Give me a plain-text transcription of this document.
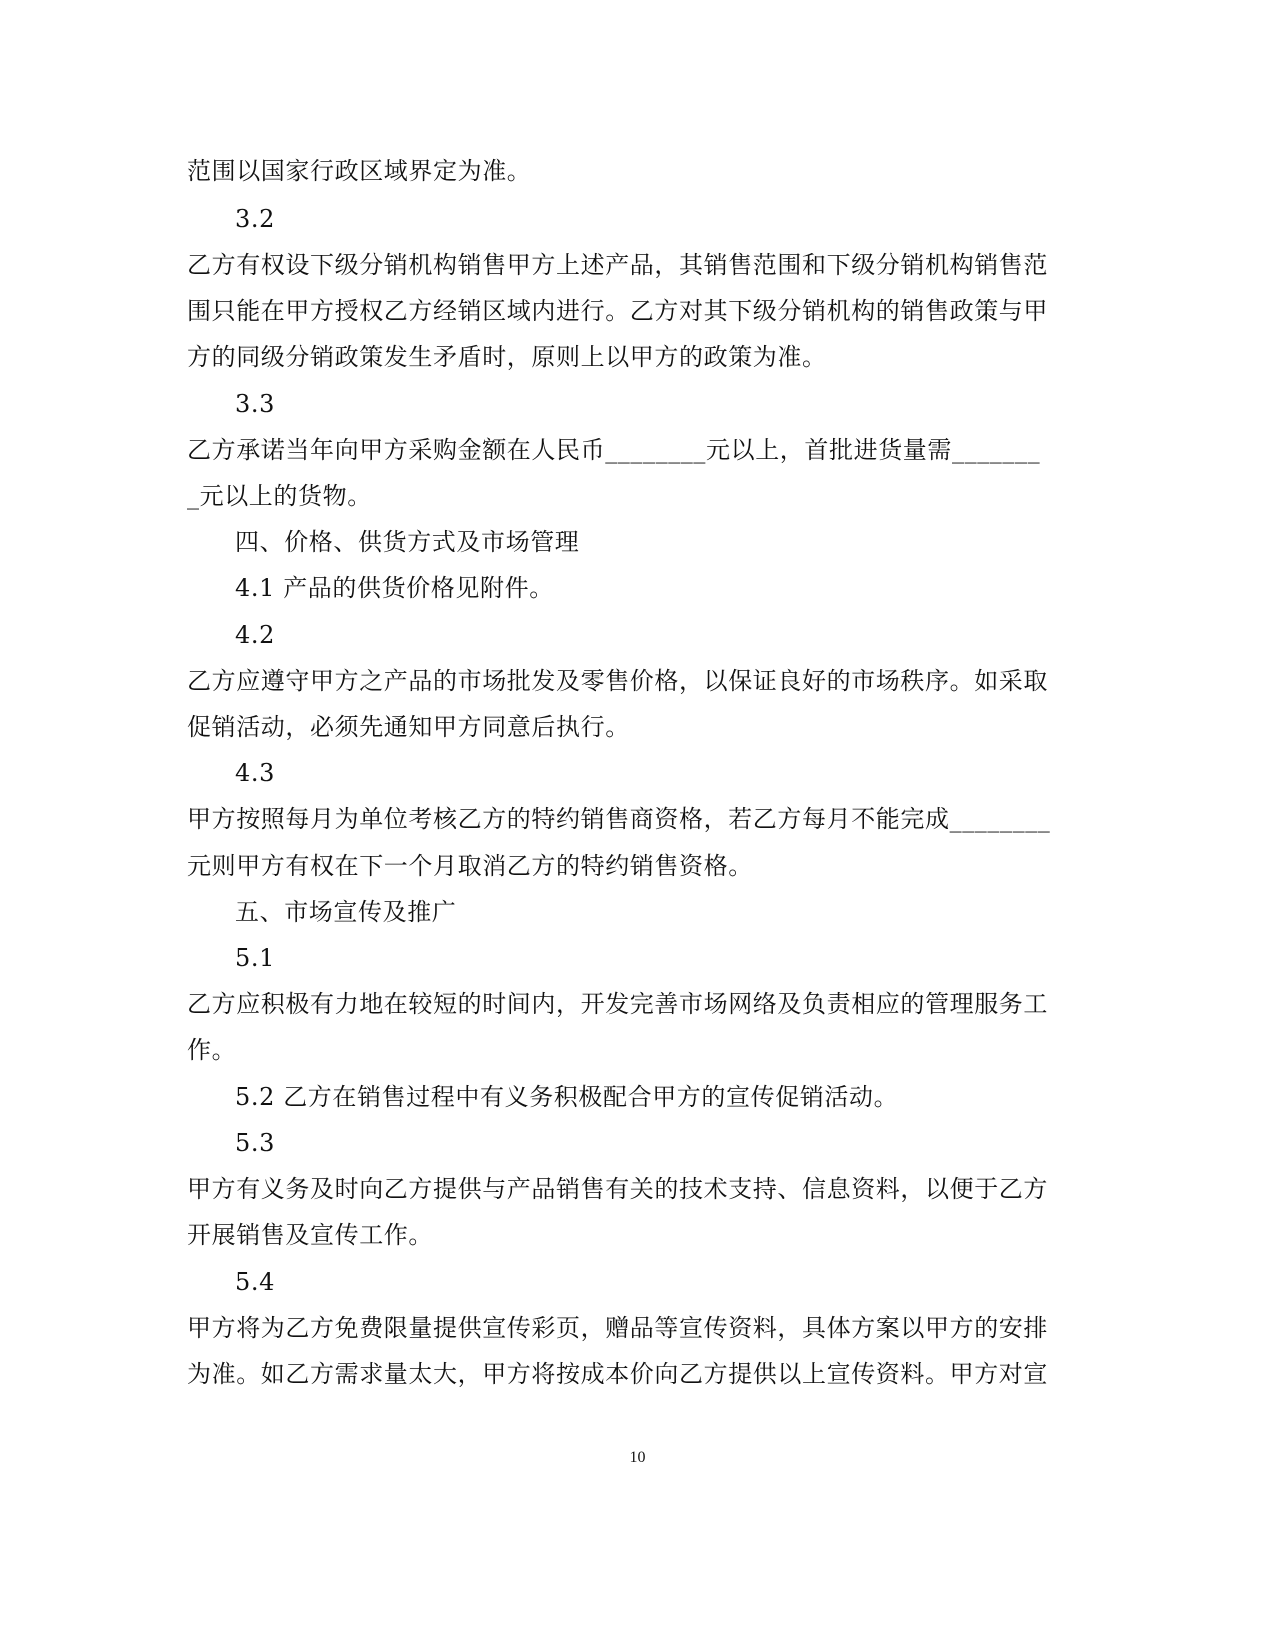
范围以国家行政区域界定为准。
3.2
乙方有权设下级分销机构销售甲方上述产品，其销售范围和下级分销机构销售范
围只能在甲方授权乙方经销区域内进行。乙方对其下级分销机构的销售政策与甲
方的同级分销政策发生矛盾时，原则上以甲方的政策为准。
3.3
乙方承诺当年向甲方采购金额在人民币________元以上，首批进货量需_______
_元以上的货物。
四、价格、供货方式及市场管理
4.1 产品的供货价格见附件。
4.2
乙方应遵守甲方之产品的市场批发及零售价格，以保证良好的市场秩序。如采取
促销活动，必须先通知甲方同意后执行。
4.3
甲方按照每月为单位考核乙方的特约销售商资格，若乙方每月不能完成________
元则甲方有权在下一个月取消乙方的特约销售资格。
五、市场宣传及推广
5.1
乙方应积极有力地在较短的时间内，开发完善市场网络及负责相应的管理服务工
作。
5.2 乙方在销售过程中有义务积极配合甲方的宣传促销活动。
5.3
甲方有义务及时向乙方提供与产品销售有关的技术支持、信息资料，以便于乙方
开展销售及宣传工作。
5.4
甲方将为乙方免费限量提供宣传彩页，赠品等宣传资料，具体方案以甲方的安排
为准。如乙方需求量太大，甲方将按成本价向乙方提供以上宣传资料。甲方对宣
10
